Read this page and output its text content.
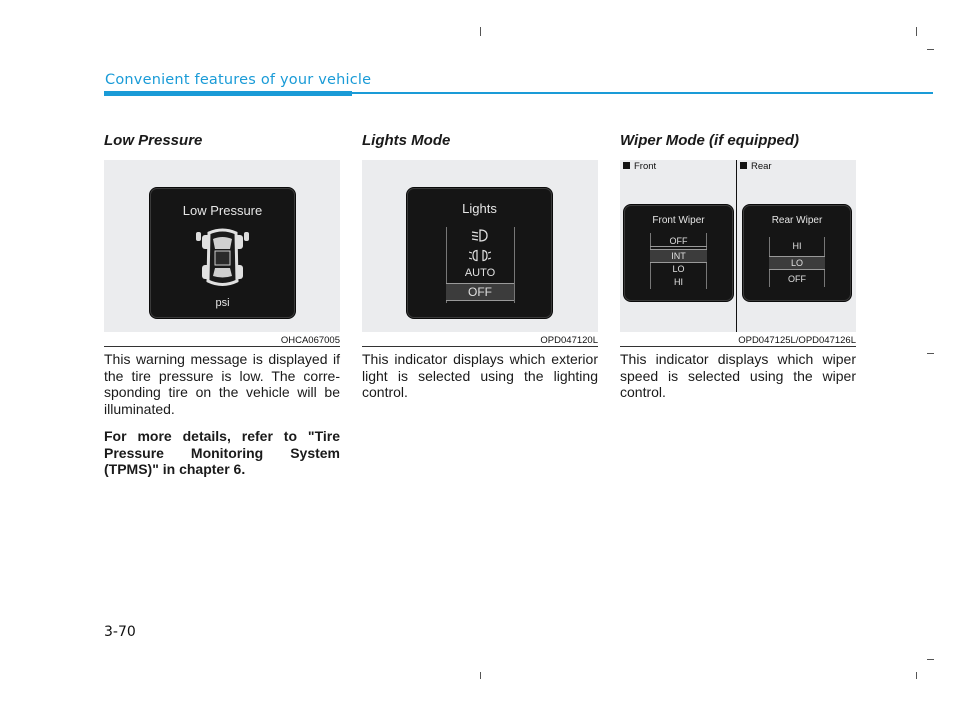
Convenient features of your vehicle
Low Pressure
Low Pressure
psi
OHCA067005

This warning message is displayed if the tire pressure is low. The corre-sponding tire on the vehicle will be illuminated.

For more details, refer to "Tire Pressure Monitoring System (TPMS)" in chapter 6.

Lights Mode
Lights
AUTO
OFF
OPD047120L

This indicator displays which exterior light is selected using the lighting control.

Wiper Mode (if equipped)
Front	Rear
Front Wiper
OFF
INT
LO
HI
Rear Wiper
HI
LO
OFF
OPD047125L/OPD047126L

This indicator displays which wiper speed is selected using the wiper control.

3-70
